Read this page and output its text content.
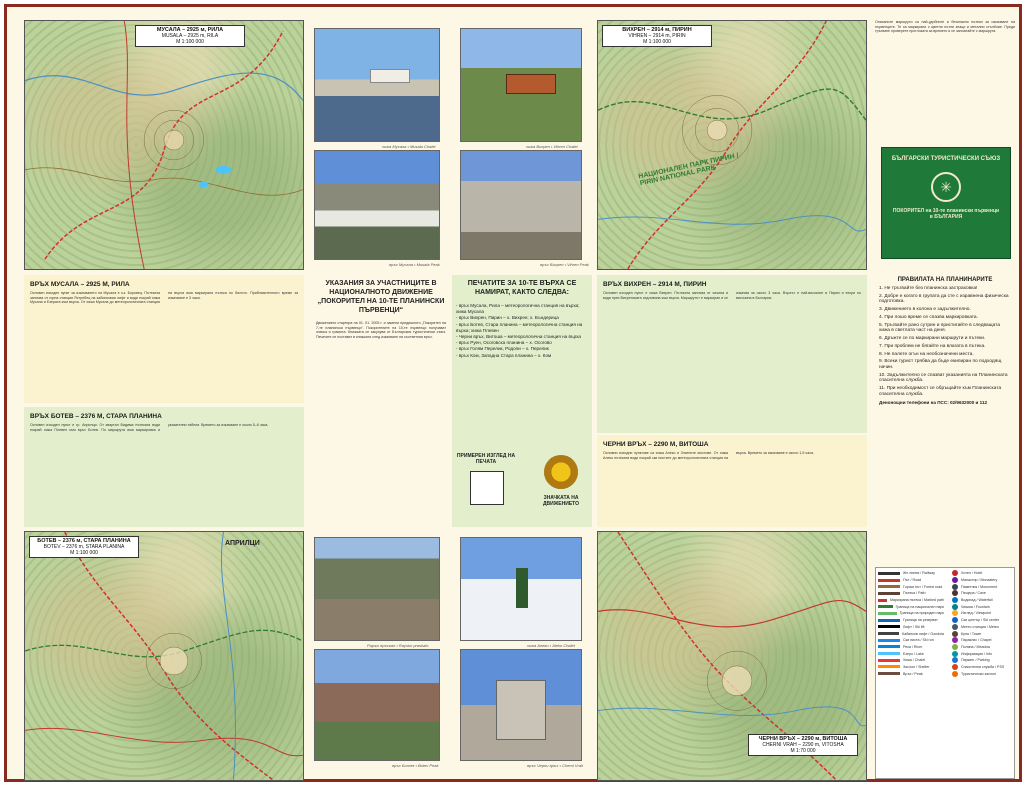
МУСАЛА – 2925 м, РИЛА
MUSALA – 2925 m, RILA
М 1:100 000
хижа Мусала • Musala Chalet
връх Мусала • Musala Peak
хижа Вихрен • Vihren Chalet
връх Вихрен • Vihren Peak
ВИХРЕН – 2914 м, ПИРИН
VIHREN – 2914 m, PIRIN
М 1:100 000
НАЦИОНАЛЕН ПАРК ПИРИН / PIRIN NATIONAL PARK

Описаните маршрути са най-удобните и безопасни пътеки за изкачване на първенците. Те са маркирани с цветни пътни знаци и метални стълбове. Преди тръгване проверете прогнозата за времето и се запознайте с маршрута.

БЪЛГАРСКИ ТУРИСТИЧЕСКИ СЪЮЗ
✳
ПОКОРИТЕЛ на 10-те планински първенци в БЪЛГАРИЯ
ВРЪХ МУСАЛА – 2925 М, РИЛА

Основен изходен пункт за изкачването на Мусала е к.к. Боровец. Пътеката започва от горна станция Ястребец на кабинковия лифт и води покрай хижа Мусала и Езерата към върха. От хижа Мусала до метеорологичната станция на върха има маркирана пътека по билото. Приблизителното време за изкачване е 3 часа.

ВРЪХ БОТЕВ – 2376 М, СТАРА ПЛАНИНА

Основен изходен пункт е гр. Априлци. От квартал Видима пътеката води покрай хижа Плевен към връх Ботев. По маршрута има маркировка и указателни табели. Времето за изкачване е около 5–6 часа.

УКАЗАНИЯ ЗА УЧАСТНИЦИТЕ В НАЦИОНАЛНОТО ДВИЖЕНИЕ „ПОКОРИТЕЛ НА 10-ТЕ ПЛАНИНСКИ ПЪРВЕНЦИ“

Движението стартира на 01. 01. 2005 г. и замени предишното „Покорител на 7-те планински първенци“. Покорителите на 10-те първенци получават значка и грамота. Книжката се закупува от Българския туристически съюз. Печатите се поставят в книжката след изкачване на съответния връх.

ПЕЧАТИТЕ ЗА 10-ТЕ ВЪРХА СЕ НАМИРАТ, КАКТО СЛЕДВА:
- връх Мусала, Рила – метеорологична станция на върха; хижа Мусала
- връх Вихрен, Пирин – х. Вихрен; х. Бъндерица
- връх Ботев, Стара планина – метеорологична станция на върха; хижа Плевен
- Черни връх, Витоша – метеорологична станция на върха
- връх Руен, Осоговска планина – х. Осогово
- връх Голям Перелик, Родопи – х. Перелик
- връх Ком, Западна Стара планина – х. Ком
ПРИМЕРЕН ИЗГЛЕД НА ПЕЧАТА
ЗНАЧКАТА НА ДВИЖЕНИЕТО
ВРЪХ ВИХРЕН – 2914 М, ПИРИН

Основен изходен пункт е хижа Вихрен. Пътеката започва от хижата и води през Вихренската седловина към върха. Маршрутът е маркиран и се изкачва за около 3 часа. Върхът е най-високият в Пирин и втори по височина в България.

ЧЕРНИ ВРЪХ – 2290 М, ВИТОША

Основни изходни пунктове са хижа Алеко и Златните мостове. От хижа Алеко пътеката води покрай ски пистите до метеорологичната станция на върха. Времето за изкачване е около 1,5 часа.

ПРАВИЛАТА НА ПЛАНИНАРИТЕ
1. Не тръгвайте без планинска застраховка!
2. Добре е когато в групата да сте с изравнена физическа подготовка.
3. Движението в колона е задължително.
4. При лошо време се спазва маркировката.
5. Тръгвайте рано сутрин и пристигайте в следващата хижа в светлата част на деня.
6. Дръжте се по маркирани маршрути и пътеки.
7. При проблем не бягайте на влагата в пътека.
8. Не палете огън на необозначени места.
9. Всеки турист трябва да бъде екипиран по подходящ начин.
10. Задължително се спазват указанията на Планинската спасителна служба.
11. При необходимост се обръщайте към Планинската спасителна служба.
Денонощни телефони на ПСС: 02/9632000 и 112
БОТЕВ – 2376 м, СТАРА ПЛАНИНА
BOTEV – 2376 m, STARA PLANINA
М 1:100 000
АПРИЛЦИ
Рајски пръскал • Raysko praskalo
връх Ботев • Botev Peak
хижа Алеко • Aleko Chalet
връх Черни връх • Cherni Vrah
ЧЕРНИ ВРЪХ – 2290 м, ВИТОША
CHERNI VRAH – 2290 m, VITOSHA
М 1:70 000
Жп линия / Railway
Път / Road
Горски път / Forest road
Пътека / Path
Маркирана пътека / Marked path
Граница на национален парк
Граница на природен парк
Граница на резерват
Лифт / Ski lift
Кабинков лифт / Gondola
Ски писта / Ski run
Река / River
Езеро / Lake
Хижа / Chalet
Заслон / Shelter
Връх / Peak
Хотел / Hotel
Манастир / Monastery
Паметник / Monument
Пещера / Cave
Водопад / Waterfall
Чешма / Fountain
Изглед / Viewpoint
Ски център / Ski center
Метео станция / Meteo
Кула / Tower
Параклис / Chapel
Поляна / Meadow
Информация / Info
Паркинг / Parking
Спасителна служба / PSS
Туристически заслон
